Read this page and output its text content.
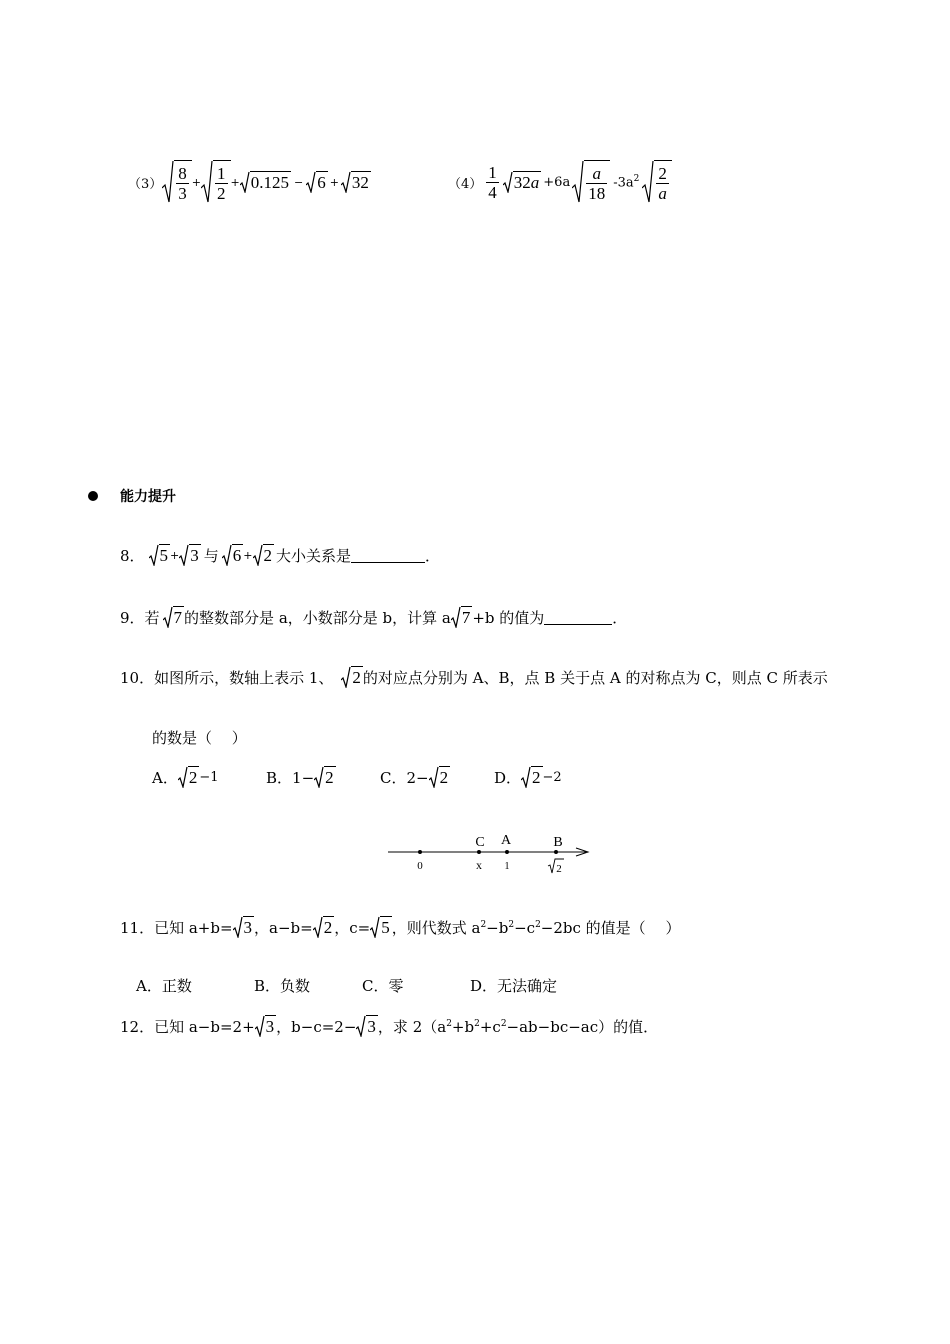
$(3) \frac{8}{3} + \frac{1}{2} + 0.125 - 6 + 32$	$(4) \frac{1}{4} 32$ $a +6a \frac{a}{18} -3a^2 \frac{2}{a}$
能力提升
8． 5 + 3 与 6 + 2 大小关系是	．
9．若 7 的整数部分是 a，小数部分是 b，计算 a 7 +b 的值为	．
10．如图所示，数轴上表示 1、 2 的对应点分别为 A、B，点 B 关于点 A 的对称点为 C，则点 C 所表示
的数是（　 ）
A． 2 −1	B．1− 2	C．2− 2	D． 2 −2
C A	B
0	x 1	2
11．已知 a+b= 3 ，a−b= 2 ，c= 5 ，则代数式 $a^2-b^2-c^2-2bc$ 的值是（　 ）
A．正数	B．负数	C．零	D．无法确定
12．已知 a−b=2+ 3 ，b−c=2− 3 ，求 $2(a^2+b^2+c^2-ab-bc-ac)$的值．
